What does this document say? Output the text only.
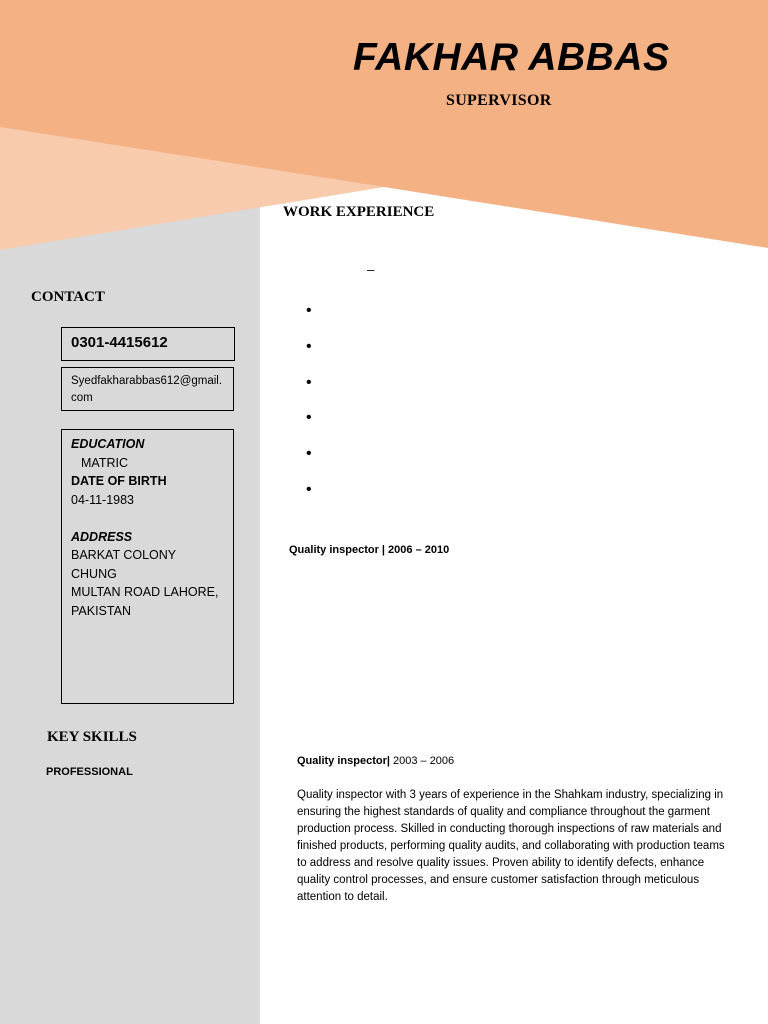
FAKHAR ABBAS
SUPERVISOR
WORK EXPERIENCE
–
•
•
•
•
•
•
Quality inspector | 2006 – 2010
Quality inspector| 2003 – 2006
Quality inspector with 3 years of experience in the Shahkam industry, specializing in ensuring the highest standards of quality and compliance throughout the garment production process. Skilled in conducting thorough inspections of raw materials and finished products, performing quality audits, and collaborating with production teams to address and resolve quality issues. Proven ability to identify defects, enhance quality control processes, and ensure customer satisfaction through meticulous attention to detail.
CONTACT
0301-4415612
Syedfakharabbas612@gmail.com
EDUCATION
MATRIC
DATE OF BIRTH
04-11-1983
ADDRESS
BARKAT COLONY CHUNG
MULTAN ROAD LAHORE,
PAKISTAN
KEY SKILLS
PROFESSIONAL
